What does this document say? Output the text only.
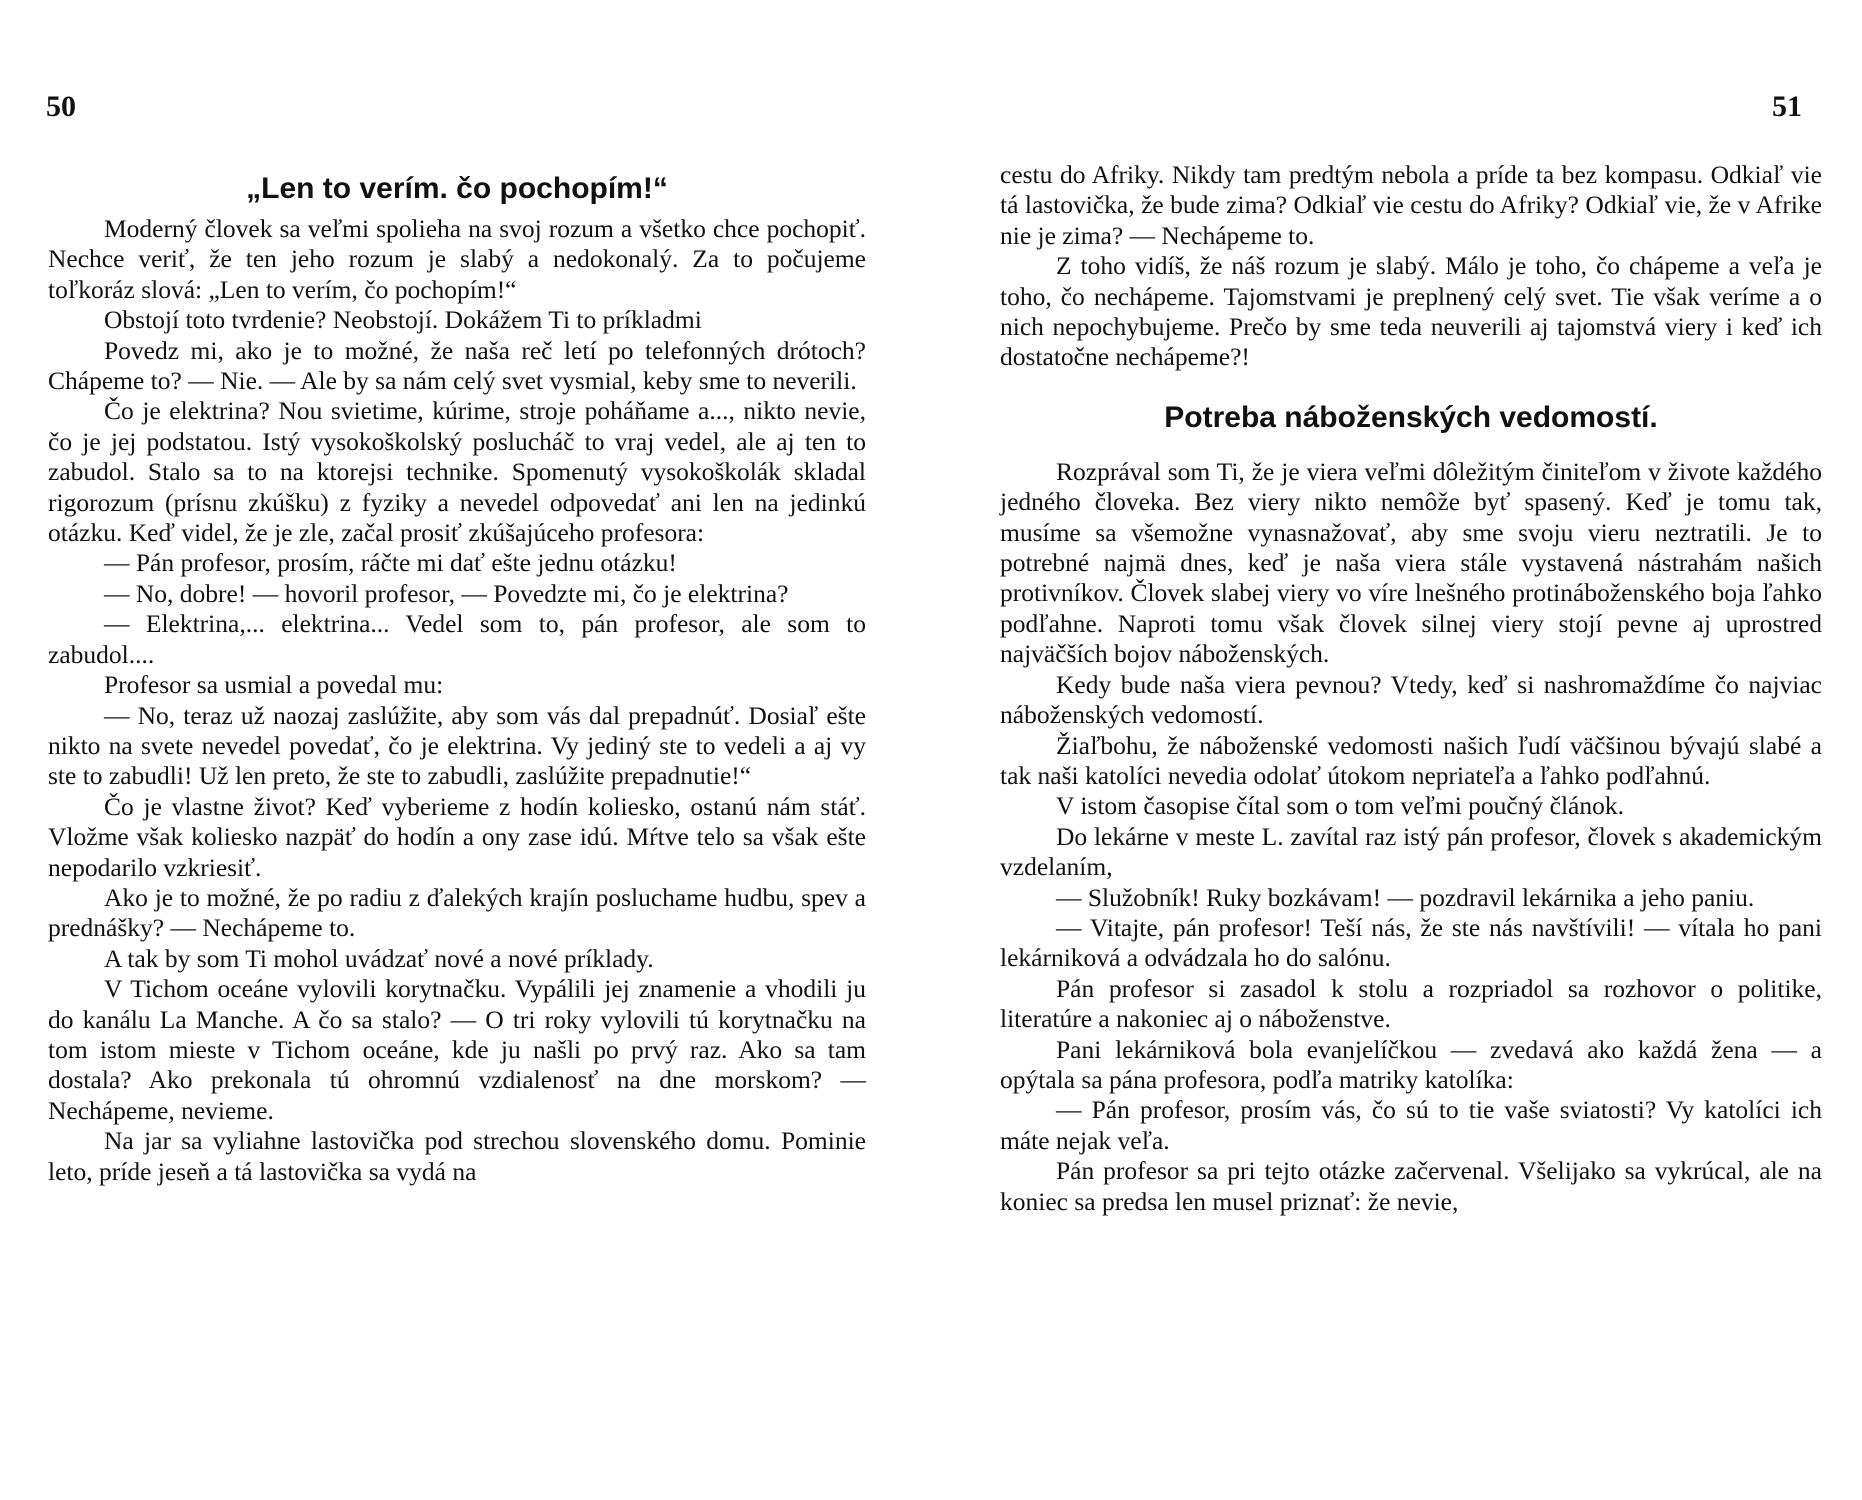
50	51
„Len to verím. čo pochopím!“

Moderný človek sa veľmi spolieha na svoj rozum a všetko chce pochopiť. Nechce veriť, že ten jeho rozum je slabý a nedokonalý. Za to počujeme toľkoráz slová: „Len to verím, čo pochopím!“

Obstojí toto tvrdenie? Neobstojí. Dokážem Ti to príkladmi

Povedz mi, ako je to možné, že naša reč letí po telefonných drótoch? Chápeme to? — Nie. — Ale by sa nám celý svet vysmial, keby sme to neverili.

Čo je elektrina? Nou svietime, kúrime, stroje poháňame a..., nikto nevie, čo je jej podstatou. Istý vysokoškolský poslucháč to vraj vedel, ale aj ten to zabudol. Stalo sa to na ktorejsi technike. Spomenutý vysokoškolák skladal rigorozum (prísnu zkúšku) z fyziky a nevedel odpovedať ani len na jedinkú otázku. Keď videl, že je zle, začal prosiť zkúšajúceho profesora:

— Pán profesor, prosím, ráčte mi dať ešte jednu otázku!

— No, dobre! — hovoril profesor, — Povedzte mi, čo je elektrina?

— Elektrina,... elektrina... Vedel som to, pán profesor, ale som to zabudol....

Profesor sa usmial a povedal mu:

— No, teraz už naozaj zaslúžite, aby som vás dal prepadnúť. Dosiaľ ešte nikto na svete nevedel povedať, čo je elektrina. Vy jediný ste to vedeli a aj vy ste to zabudli! Už len preto, že ste to zabudli, zaslúžite prepadnutie!“

Čo je vlastne život? Keď vyberieme z hodín koliesko, ostanú nám stáť. Vložme však koliesko nazpäť do hodín a ony zase idú. Mŕtve telo sa však ešte nepodarilo vzkriesiť.

Ako je to možné, že po radiu z ďalekých krajín posluchame hudbu, spev a prednášky? — Nechápeme to.

A tak by som Ti mohol uvádzať nové a nové príklady.

V Tichom oceáne vylovili korytnačku. Vypálili jej znamenie a vhodili ju do kanálu La Manche. A čo sa stalo? — O tri roky vylovili tú korytnačku na tom istom mieste v Tichom oceáne, kde ju našli po prvý raz. Ako sa tam dostala? Ako prekonala tú ohromnú vzdialenosť na dne morskom? — Nechápeme, nevieme.

Na jar sa vyliahne lastovička pod strechou slovenského domu. Pominie leto, príde jeseň a tá lastovička sa vydá na

cestu do Afriky. Nikdy tam predtým nebola a príde ta bez kompasu. Odkiaľ vie tá lastovička, že bude zima? Odkiaľ vie cestu do Afriky? Odkiaľ vie, že v Afrike nie je zima? — Nechápeme to.

Z toho vidíš, že náš rozum je slabý. Málo je toho, čo chápeme a veľa je toho, čo nechápeme. Tajomstvami je preplnený celý svet. Tie však veríme a o nich nepochybujeme. Prečo by sme teda neuverili aj tajomstvá viery i keď ich dostatočne nechápeme?!

Potreba náboženských vedomostí.

Rozprával som Ti, že je viera veľmi dôležitým činiteľom v živote každého jedného človeka. Bez viery nikto nemôže byť spasený. Keď je tomu tak, musíme sa všemožne vynasnažovať, aby sme svoju vieru neztratili. Je to potrebné najmä dnes, keď je naša viera stále vystavená nástrahám našich protivníkov. Človek slabej viery vo víre lnešného protináboženského boja ľahko podľahne. Naproti tomu však človek silnej viery stojí pevne aj uprostred najväčších bojov náboženských.

Kedy bude naša viera pevnou? Vtedy, keď si nashromaždíme čo najviac náboženských vedomostí.

Žiaľbohu, že náboženské vedomosti našich ľudí väčšinou bývajú slabé a tak naši katolíci nevedia odolať útokom nepriateľa a ľahko podľahnú.

V istom časopise čítal som o tom veľmi poučný článok.

Do lekárne v meste L. zavítal raz istý pán profesor, človek s akademickým vzdelaním,

— Služobník! Ruky bozkávam! — pozdravil lekárnika a jeho paniu.

— Vitajte, pán profesor! Teší nás, že ste nás navštívili! — vítala ho pani lekárniková a odvádzala ho do salónu.

Pán profesor si zasadol k stolu a rozpriadol sa rozhovor o politike, literatúre a nakoniec aj o náboženstve.

Pani lekárniková bola evanjelíčkou — zvedavá ako každá žena — a opýtala sa pána profesora, podľa matriky katolíka:

— Pán profesor, prosím vás, čo sú to tie vaše sviatosti? Vy katolíci ich máte nejak veľa.

Pán profesor sa pri tejto otázke začervenal. Všelijako sa vykrúcal, ale na koniec sa predsa len musel priznať: že nevie,
